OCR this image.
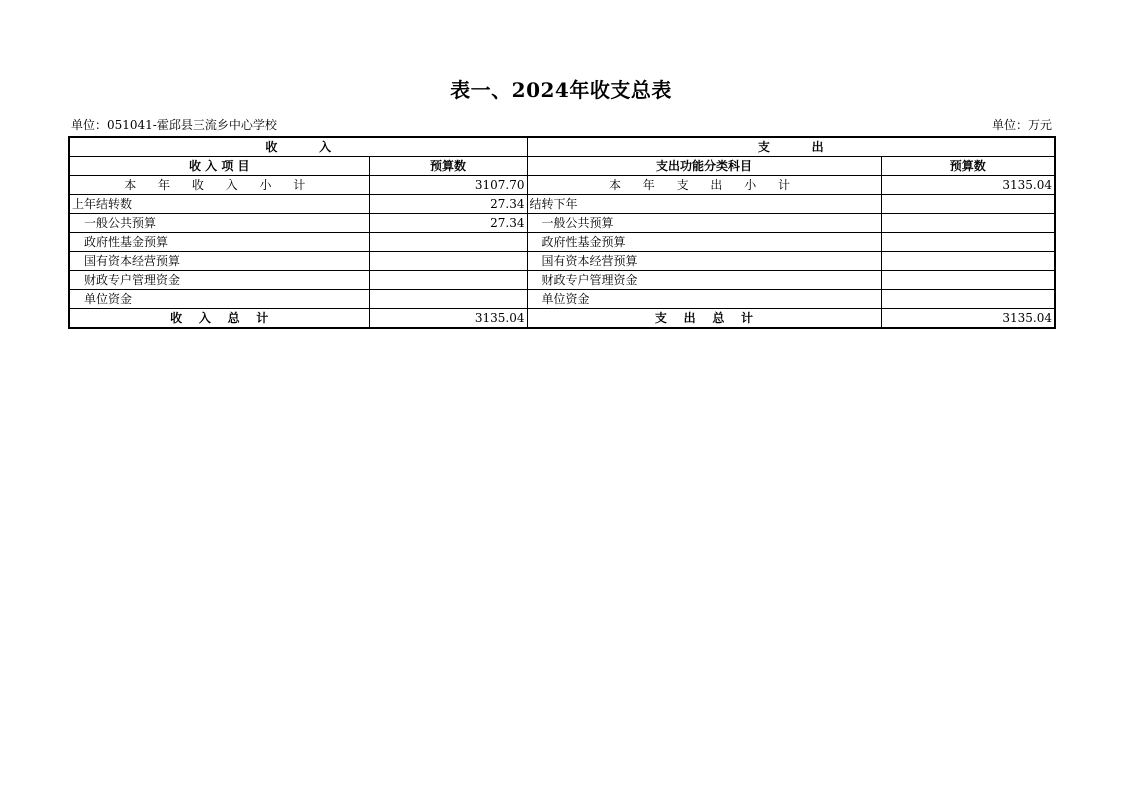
表一、2024年收支总表
单位：051041-霍邱县三流乡中心学校	单位：万元
收          入		支          出	
收 入 项 目	预算数	支出功能分类科目	预算数
本 年 收 入 小 计	3107.70	本 年 支 出 小 计	3135.04
上年结转数	27.34	结转下年	
一般公共预算	27.34	一般公共预算	
政府性基金预算		政府性基金预算	
国有资本经营预算		国有资本经营预算	
财政专户管理资金		财政专户管理资金	
单位资金		单位资金	
收    入    总    计	3135.04	支    出    总    计	3135.04
